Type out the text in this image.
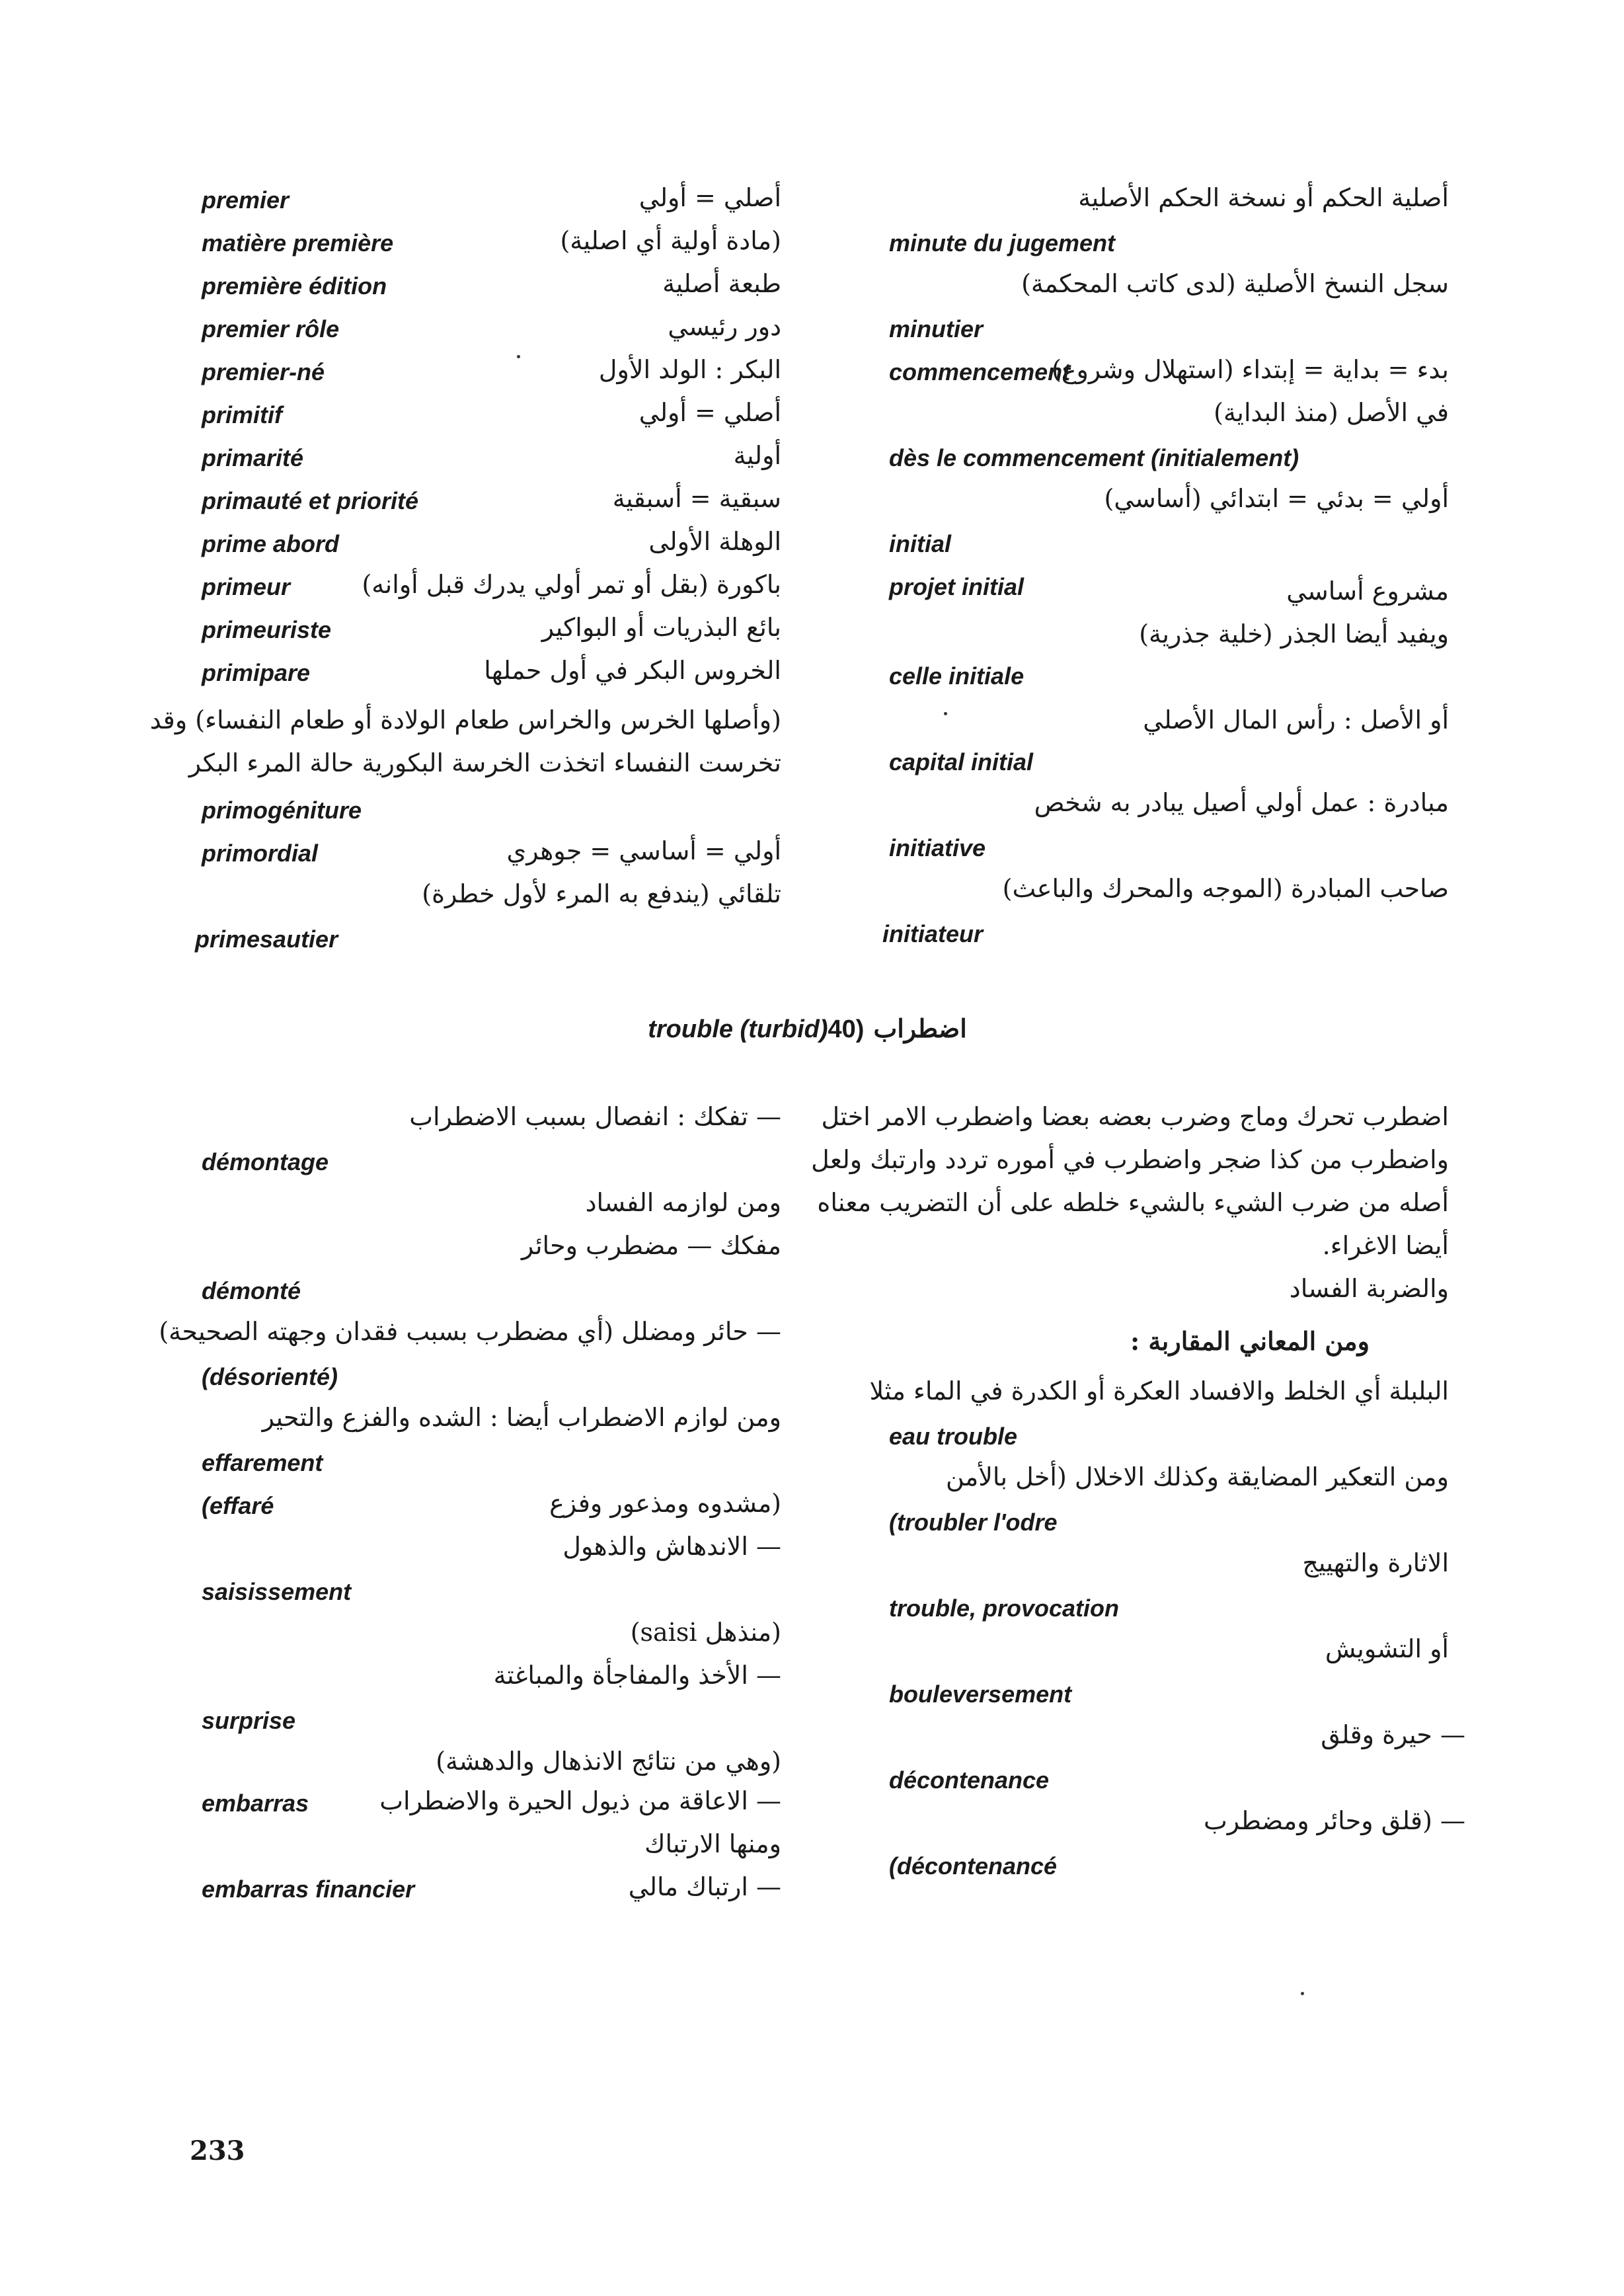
premier
matière première
première édition
premier rôle
premier-né
primitif
primarité
primauté et priorité
prime abord
primeur
primeuriste
primipare
primogéniture
primordial
primesautier
أصلي = أولي
(مادة أولية أي اصلية)
طبعة أصلية
دور رئيسي
البكر : الولد الأول
أصلي = أولي
أولية
سبقية = أسبقية
الوهلة الأولى
باكورة (بقل أو تمر أولي يدرك قبل أوانه)
بائع البذريات أو البواكير
الخروس البكر في أول حملها
(وأصلها الخرس والخراس طعام الولادة أو طعام النفساء) وقد
تخرست النفساء اتخذت الخرسة البكورية حالة المرء البكر
أولي = أساسي = جوهري
تلقائي (يندفع به المرء لأول خطرة)
أصلية الحكم أو نسخة الحكم الأصلية
سجل النسخ الأصلية (لدى كاتب المحكمة)
بدء = بداية = إبتداء (استهلال وشروع)
في الأصل (منذ البداية)
أولي = بدئي = ابتدائي (أساسي)
مشروع أساسي
ويفيد أيضا الجذر (خلية جذرية)
أو الأصل : رأس المال الأصلي
مبادرة : عمل أولي أصيل يبادر به شخص
صاحب المبادرة (الموجه والمحرك والباعث)
minute du jugement
minutier
commencement
dès le commencement (initialement)
initial
projet initial
celle initiale
capital initial
initiative
initiateur
trouble (turbid) اضطراب(40
— تفكك : انفصال بسبب الاضطراب
ومن لوازمه الفساد
مفكك — مضطرب وحائر
— حائر ومضلل (أي مضطرب بسبب فقدان وجهته الصحيحة)
ومن لوازم الاضطراب أيضا : الشده والفزع والتحير
(مشدوه ومذعور وفزع
— الاندهاش والذهول
(منذهل saisi)
— الأخذ والمفاجأة والمباغتة
(وهي من نتائج الانذهال والدهشة)
— الاعاقة من ذيول الحيرة والاضطراب
ومنها الارتباك
— ارتباك مالي
démontage
démonté
(désorienté)
effarement
(effaré
saisissement
surprise
embarras
embarras financier
اضطرب تحرك وماج وضرب بعضه بعضا واضطرب الامر اختل
واضطرب من كذا ضجر واضطرب في أموره تردد وارتبك ولعل
أصله من ضرب الشيء بالشيء خلطه على أن التضريب معناه
أيضا الاغراء.
والضربة الفساد
ومن المعاني المقاربة :
البلبلة أي الخلط والافساد العكرة أو الكدرة في الماء مثلا
ومن التعكير المضايقة وكذلك الاخلال (أخل بالأمن
الاثارة والتهييج
أو التشويش
— حيرة وقلق
— (قلق وحائر ومضطرب
eau trouble
(troubler l'odre
trouble, provocation
bouleversement
décontenance
(décontenancé
233
